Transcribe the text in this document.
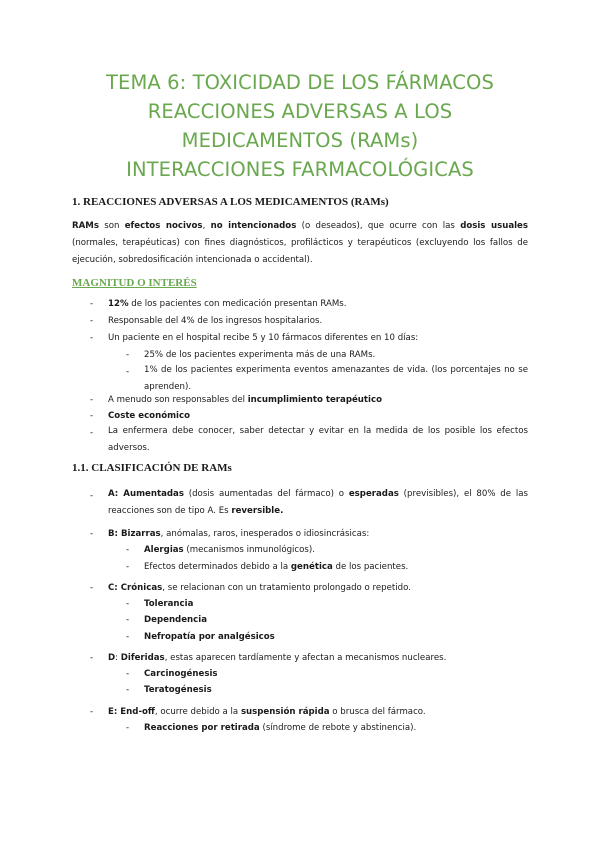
TEMA 6: TOXICIDAD DE LOS FÁRMACOS
REACCIONES ADVERSAS A LOS
MEDICAMENTOS (RAMs)
INTERACCIONES FARMACOLÓGICAS
1. REACCIONES ADVERSAS A LOS MEDICAMENTOS (RAMs)
RAMs son efectos nocivos, no intencionados (o deseados), que ocurre con las dosis usuales (normales, terapéuticas) con fines diagnósticos, profilácticos y terapéuticos (excluyendo los fallos de ejecución, sobredosificación intencionada o accidental).
MAGNITUD O INTERÉS
- 12% de los pacientes con medicación presentan RAMs.
- Responsable del 4% de los ingresos hospitalarios.
- Un paciente en el hospital recibe 5 y 10 fármacos diferentes en 10 días:
- 25% de los pacientes experimenta más de una RAMs.
- 1% de los pacientes experimenta eventos amenazantes de vida. (los porcentajes no se aprenden).
- A menudo son responsables del incumplimiento terapéutico
- Coste económico
- La enfermera debe conocer, saber detectar y evitar en la medida de los posible los efectos adversos.
1.1. CLASIFICACIÓN DE RAMs
- A: Aumentadas (dosis aumentadas del fármaco) o esperadas (previsibles), el 80% de las reacciones son de tipo A. Es reversible.
- B: Bizarras, anómalas, raros, inesperados o idiosincrásicas:
- Alergias (mecanismos inmunológicos).
- Efectos determinados debido a la genética de los pacientes.
- C: Crónicas, se relacionan con un tratamiento prolongado o repetido.
- Tolerancia
- Dependencia
- Nefropatía por analgésicos
- D: Diferidas, estas aparecen tardíamente y afectan a mecanismos nucleares.
- Carcinogénesis
- Teratogénesis
- E: End-off, ocurre debido a la suspensión rápida o brusca del fármaco.
- Reacciones por retirada (síndrome de rebote y abstinencia).
